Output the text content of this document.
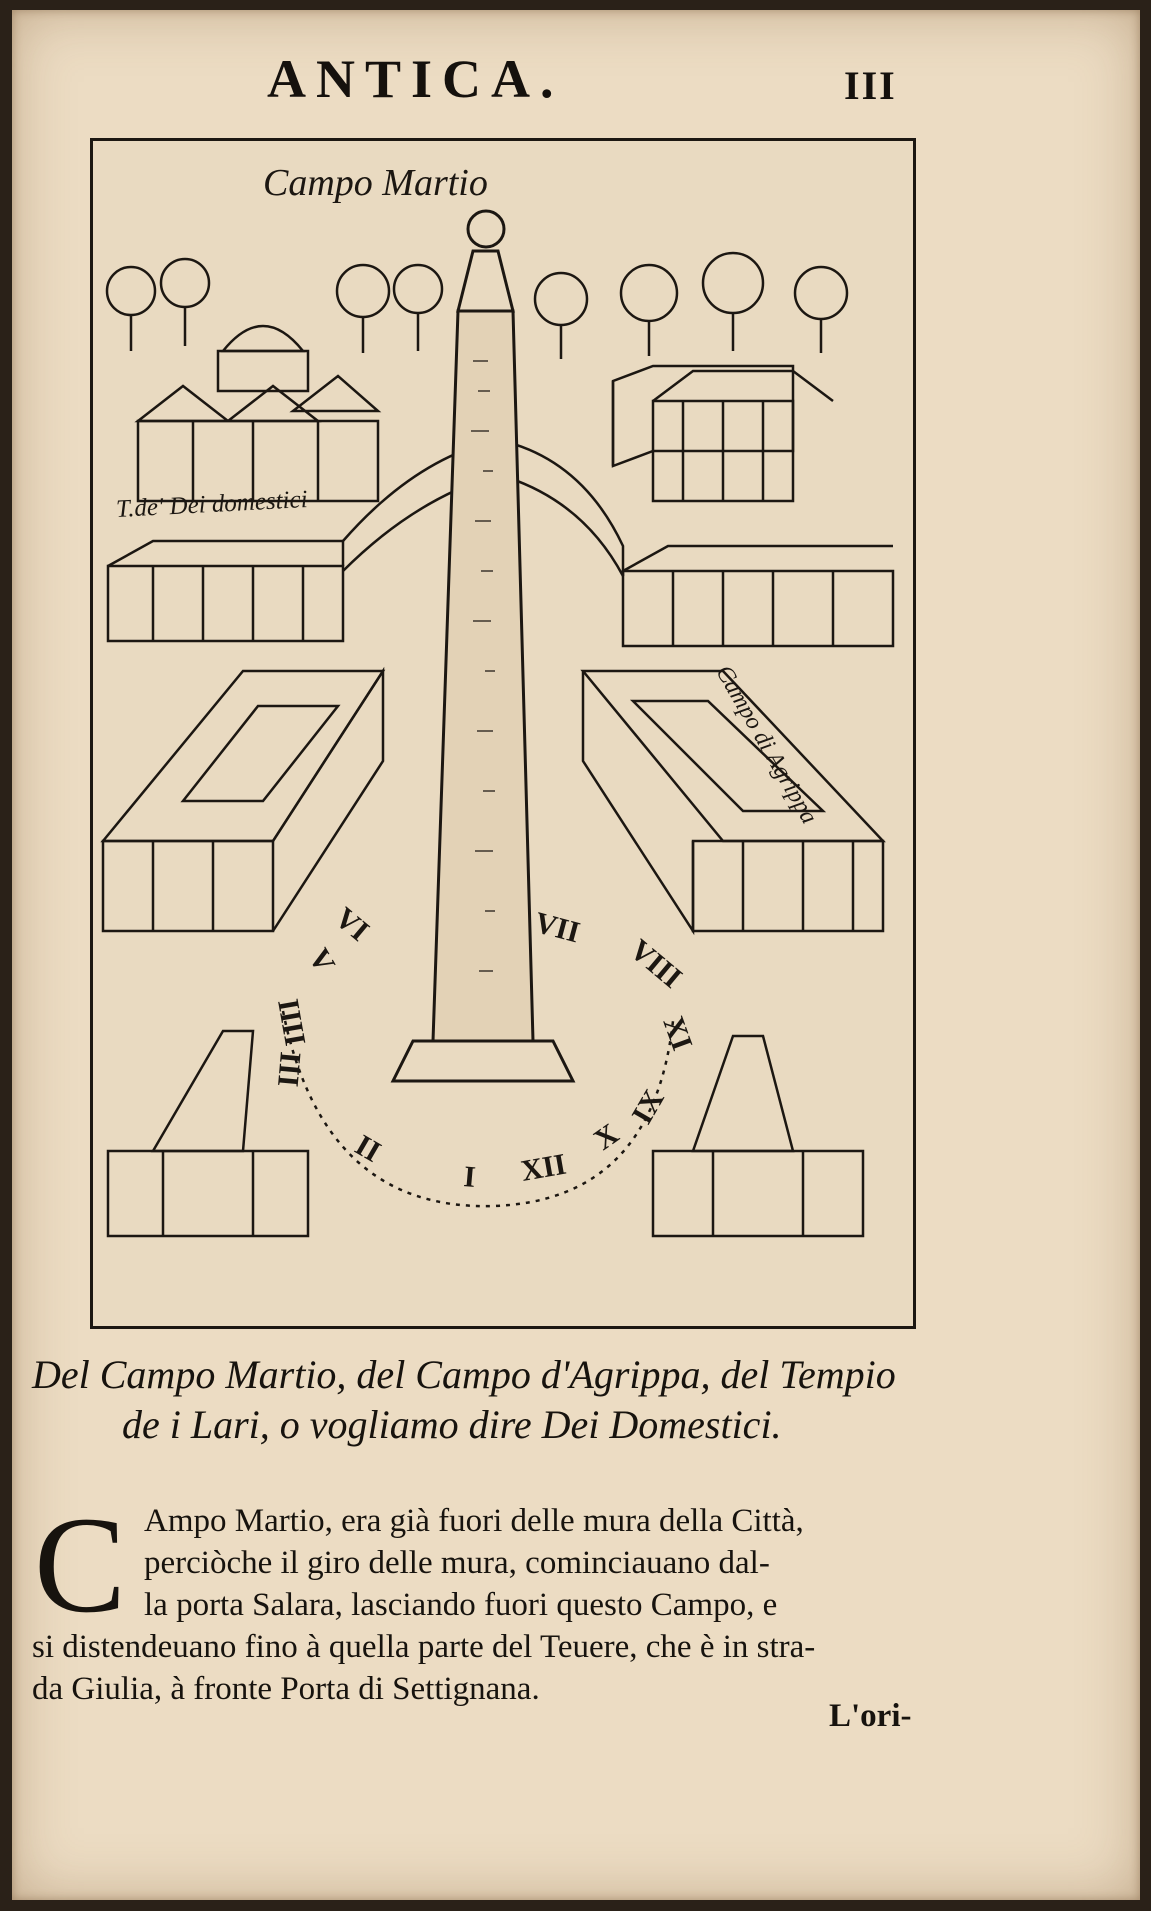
ANTICA.	III
III
IIII
V
VI	VII
VIII
IX
X
XI
XII
I
II
Campo Martio
T.de' Dei domestici
Campo di Agrippa
Del Campo Martio, del Campo d'Agrippa, del Tempio
de i Lari, o vogliamo dire Dei Domestici.
C Ampo Martio, era già fuori delle mura della Città,
perciòche il giro delle mura, cominciauano dal-
la porta Salara, lasciando fuori questo Campo, e
si distendeuano fino à quella parte del Teuere, che è in stra-
da Giulia, à fronte Porta di Settignana.
L'ori-
